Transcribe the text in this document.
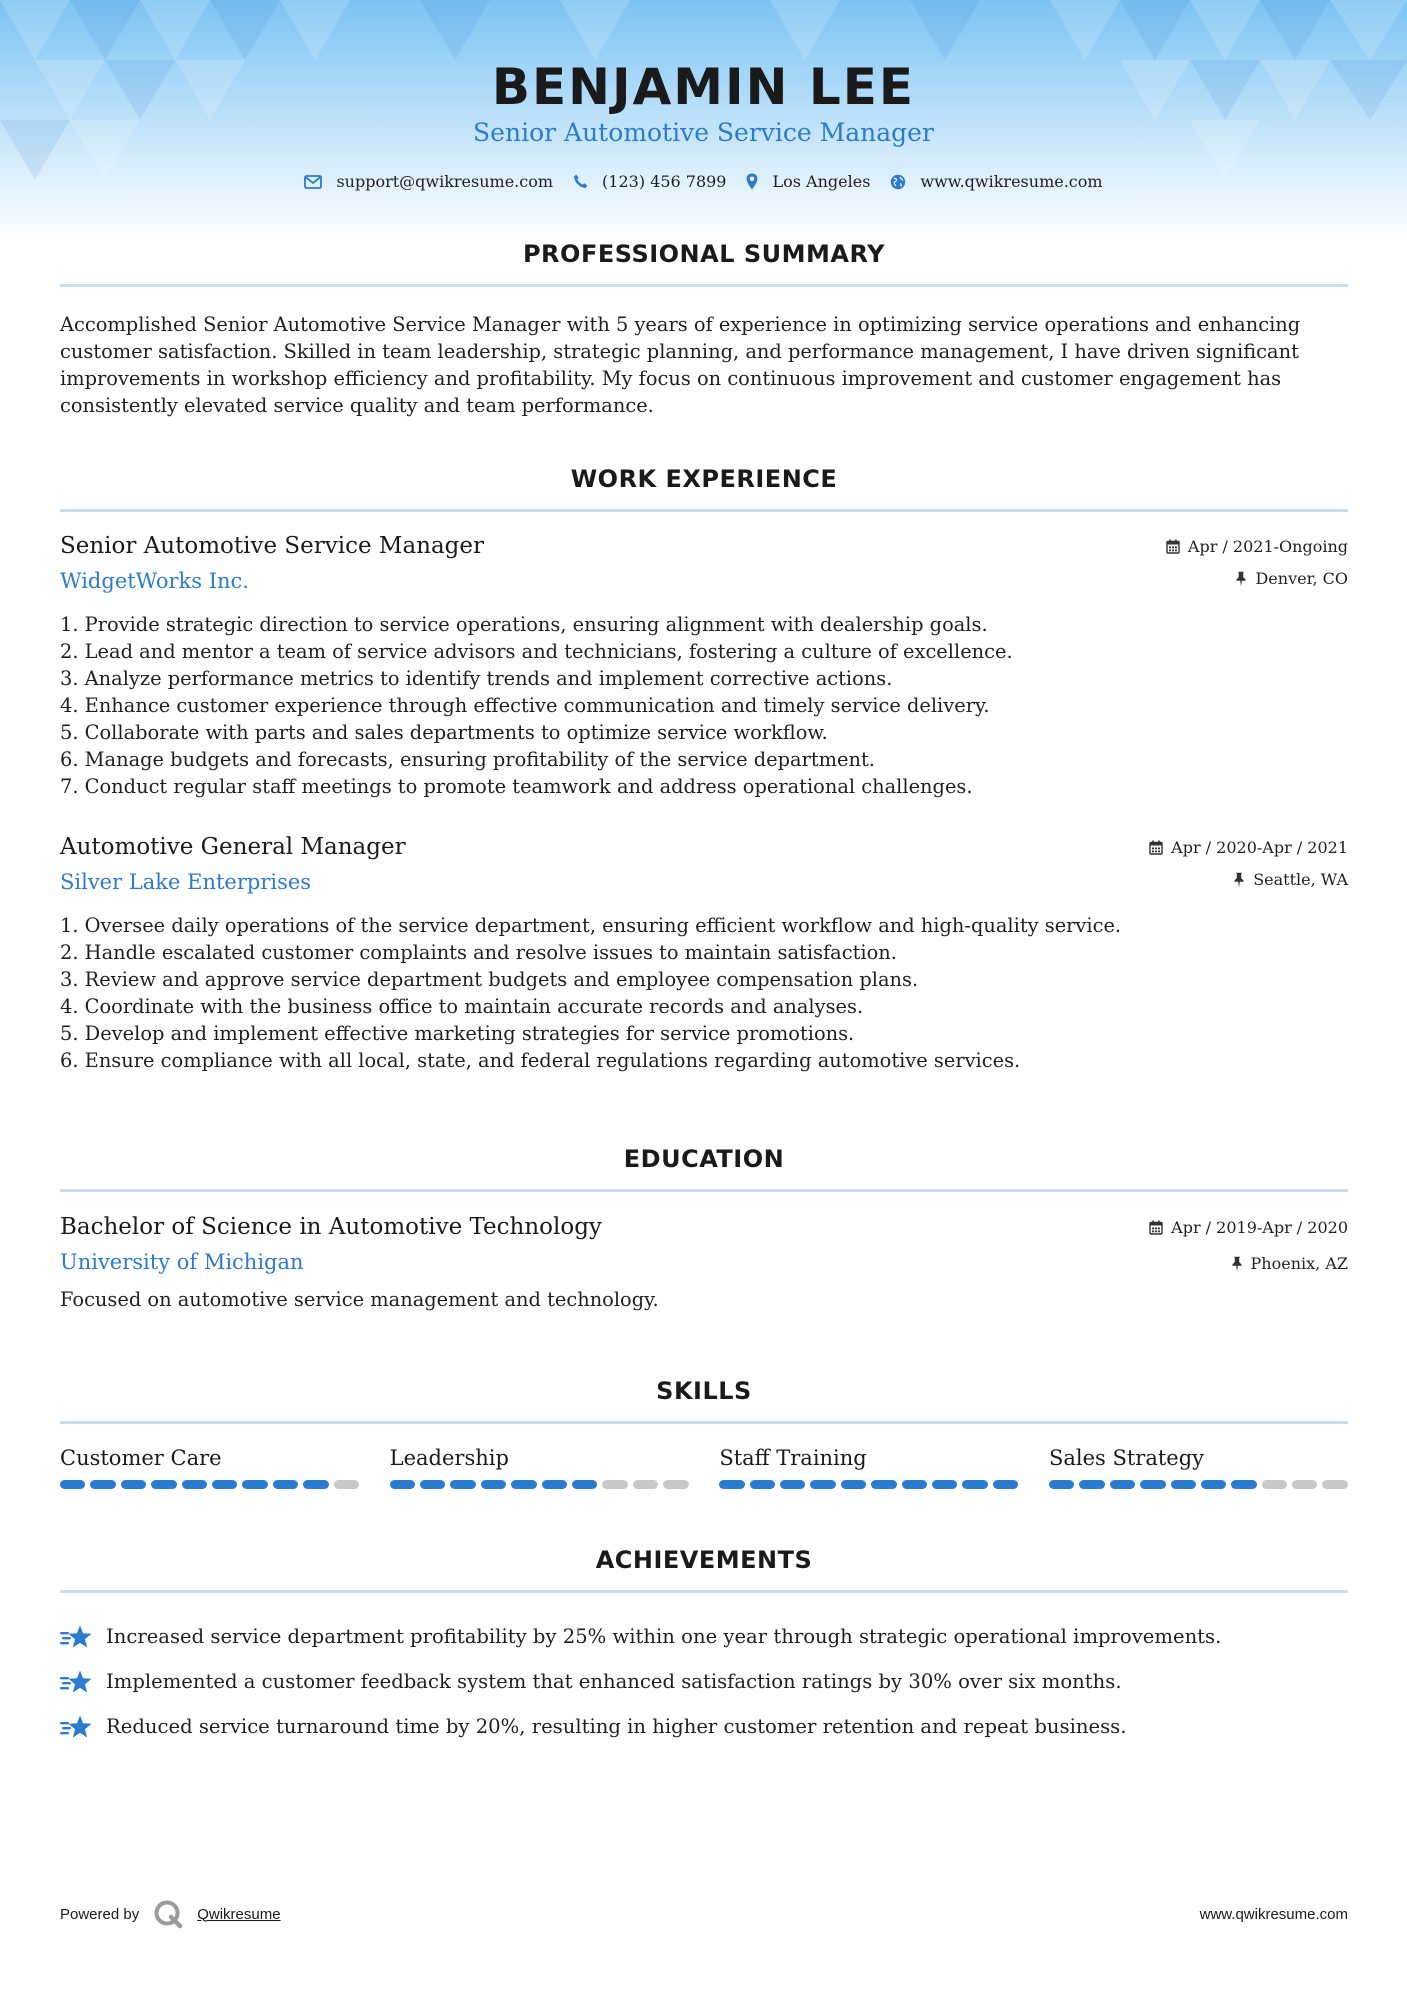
BENJAMIN LEE
Senior Automotive Service Manager
support@qwikresume.com	(123) 456 7899	Los Angeles	www.qwikresume.com
PROFESSIONAL SUMMARY

Accomplished Senior Automotive Service Manager with 5 years of experience in optimizing service operations and enhancing customer satisfaction. Skilled in team leadership, strategic planning, and performance management, I have driven significant improvements in workshop efficiency and profitability. My focus on continuous improvement and customer engagement has consistently elevated service quality and team performance.

WORK EXPERIENCE
Senior Automotive Service Manager
WidgetWorks Inc.
Apr / 2021-Ongoing
Denver, CO
1. Provide strategic direction to service operations, ensuring alignment with dealership goals.
2. Lead and mentor a team of service advisors and technicians, fostering a culture of excellence.
3. Analyze performance metrics to identify trends and implement corrective actions.
4. Enhance customer experience through effective communication and timely service delivery.
5. Collaborate with parts and sales departments to optimize service workflow.
6. Manage budgets and forecasts, ensuring profitability of the service department.
7. Conduct regular staff meetings to promote teamwork and address operational challenges.
Automotive General Manager
Silver Lake Enterprises
Apr / 2020-Apr / 2021
Seattle, WA
1. Oversee daily operations of the service department, ensuring efficient workflow and high-quality service.
2. Handle escalated customer complaints and resolve issues to maintain satisfaction.
3. Review and approve service department budgets and employee compensation plans.
4. Coordinate with the business office to maintain accurate records and analyses.
5. Develop and implement effective marketing strategies for service promotions.
6. Ensure compliance with all local, state, and federal regulations regarding automotive services.
EDUCATION
Bachelor of Science in Automotive Technology
University of Michigan
Apr / 2019-Apr / 2020
Phoenix, AZ
Focused on automotive service management and technology.
SKILLS
Customer Care	Leadership	Staff Training	Sales Strategy
ACHIEVEMENTS
Increased service department profitability by 25% within one year through strategic operational improvements.
Implemented a customer feedback system that enhanced satisfaction ratings by 30% over six months.
Reduced service turnaround time by 20%, resulting in higher customer retention and repeat business.
Powered by	Qwikresume	www.qwikresume.com
